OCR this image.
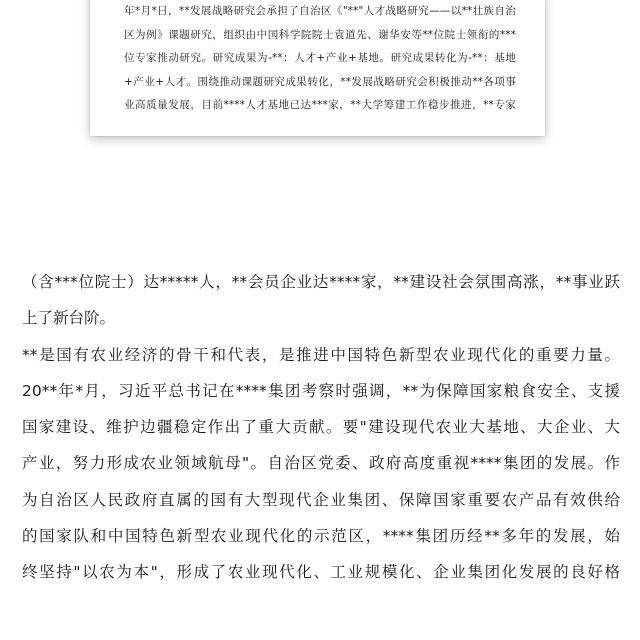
年*月*日，**发展战略研究会承担了自治区《"**"人才战略研究——以**壮族自治
区为例》课题研究，组织由中国科学院院士袁道先、谢华安等**位院士领衔的***
位专家推动研究。研究成果为-**：人才+产业+基地。研究成果转化为-**：基地
+产业+人才。围绕推动课题研究成果转化，**发展战略研究会积极推动**各项事
业高质量发展，目前****人才基地已达***家，**大学筹建工作稳步推进，**专家
（含***位院士）达*****人，**会员企业达****家，**建设社会氛围高涨，**事业跃
上了新台阶。
**是国有农业经济的骨干和代表，是推进中国特色新型农业现代化的重要力量。
20**年*月，习近平总书记在****集团考察时强调，**为保障国家粮食安全、支援
国家建设、维护边疆稳定作出了重大贡献。要"建设现代农业大基地、大企业、大
产业，努力形成农业领域航母"。自治区党委、政府高度重视****集团的发展。作
为自治区人民政府直属的国有大型现代企业集团、保障国家重要农产品有效供给
的国家队和中国特色新型农业现代化的示范区，****集团历经**多年的发展，始
终坚持"以农为本"，形成了农业现代化、工业规模化、企业集团化发展的良好格
